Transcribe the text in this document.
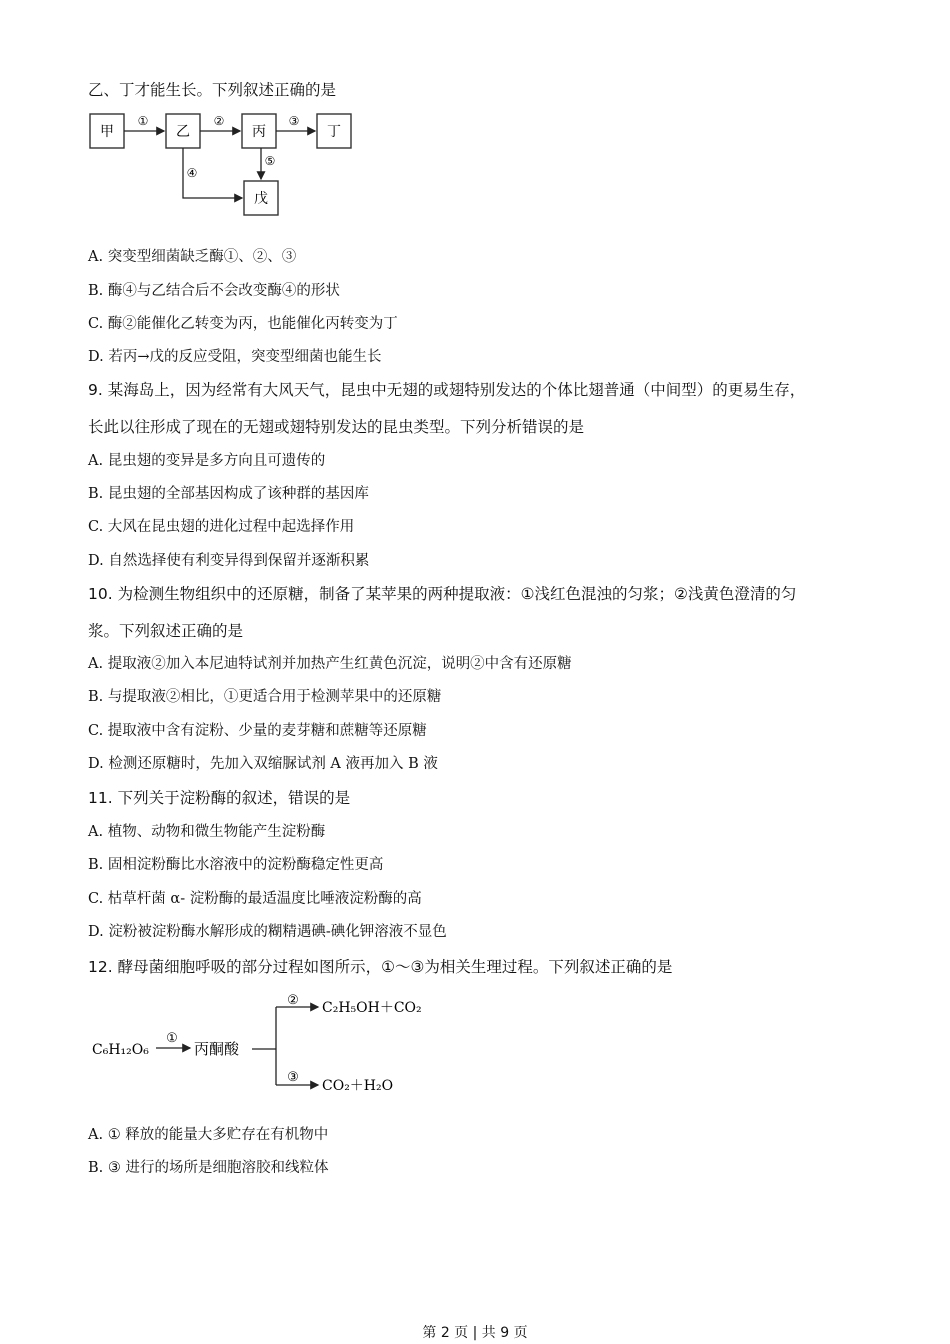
乙、丁才能生长。下列叙述正确的是
甲	乙	丙	丁
戊
①	②	③
④
⑤
A. 突变型细菌缺乏酶①、②、③
B. 酶④与乙结合后不会改变酶④的形状
C. 酶②能催化乙转变为丙，也能催化丙转变为丁
D. 若丙→戊的反应受阻，突变型细菌也能生长
9. 某海岛上，因为经常有大风天气，昆虫中无翅的或翅特别发达的个体比翅普通（中间型）的更易生存，
长此以往形成了现在的无翅或翅特别发达的昆虫类型。下列分析错误的是
A. 昆虫翅的变异是多方向且可遗传的
B. 昆虫翅的全部基因构成了该种群的基因库
C. 大风在昆虫翅的进化过程中起选择作用
D. 自然选择使有利变异得到保留并逐渐积累
10. 为检测生物组织中的还原糖，制备了某苹果的两种提取液：①浅红色混浊的匀浆；②浅黄色澄清的匀
浆。下列叙述正确的是
A. 提取液②加入本尼迪特试剂并加热产生红黄色沉淀，说明②中含有还原糖
B. 与提取液②相比，①更适合用于检测苹果中的还原糖
C. 提取液中含有淀粉、少量的麦芽糖和蔗糖等还原糖
D. 检测还原糖时，先加入双缩脲试剂 A 液再加入 B 液
11. 下列关于淀粉酶的叙述，错误的是
A. 植物、动物和微生物能产生淀粉酶
B. 固相淀粉酶比水溶液中的淀粉酶稳定性更高
C. 枯草杆菌 α- 淀粉酶的最适温度比唾液淀粉酶的高
D. 淀粉被淀粉酶水解形成的糊精遇碘-碘化钾溶液不显色
12. 酵母菌细胞呼吸的部分过程如图所示，①～③为相关生理过程。下列叙述正确的是
C₆H₁₂O₆
①
丙酮酸
②
③
C₂H₅OH＋CO₂
CO₂＋H₂O
A. ① 释放的能量大多贮存在有机物中
B. ③ 进行的场所是细胞溶胶和线粒体
第 2 页 | 共 9 页
